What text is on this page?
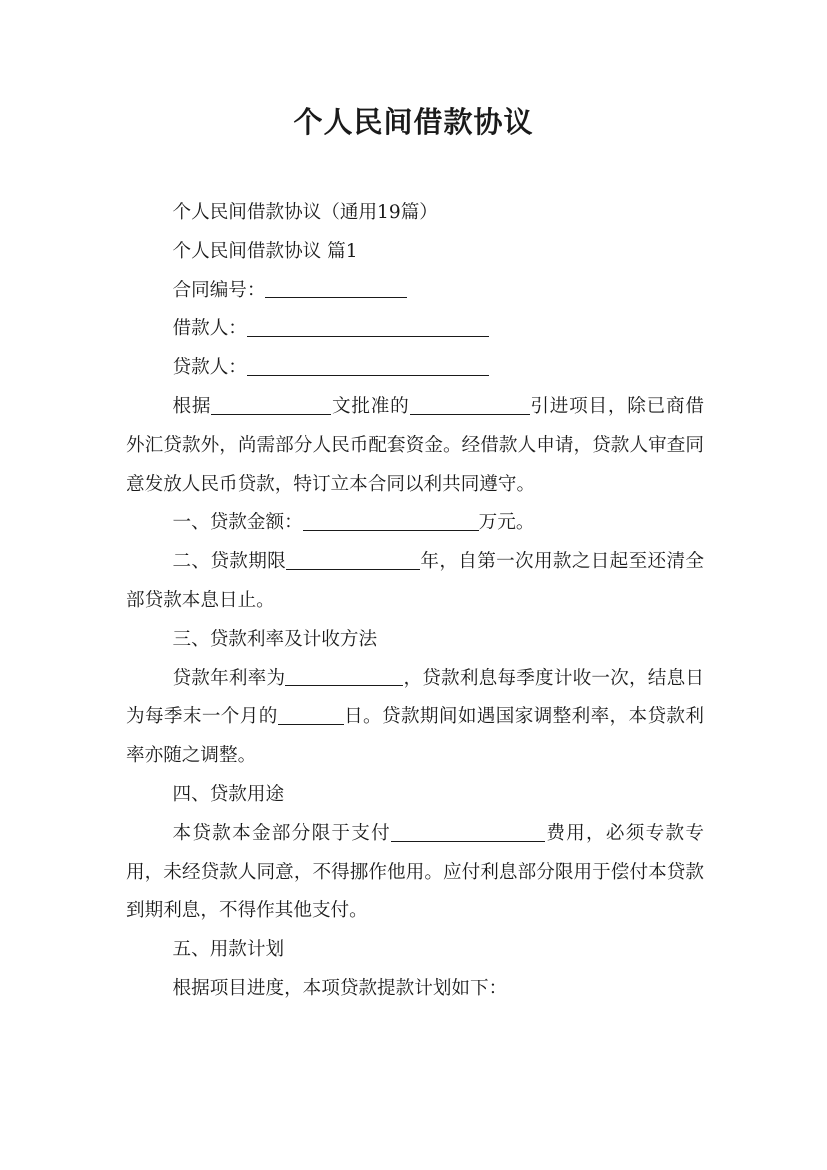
个人民间借款协议

个人民间借款协议（通用19篇）

个人民间借款协议 篇1

合同编号：

借款人：

贷款人：

根据	文批准的	引进项目，除已商借外汇贷款外，尚需部分人民币配套资金。经借款人申请，贷款人审查同意发放人民币贷款，特订立本合同以利共同遵守。

一、贷款金额：	万元。

二、贷款期限	年，自第一次用款之日起至还清全部贷款本息日止。

三、贷款利率及计收方法

贷款年利率为	，贷款利息每季度计收一次，结息日为每季末一个月的	日。贷款期间如遇国家调整利率，本贷款利率亦随之调整。

四、贷款用途

本贷款本金部分限于支付	费用，必须专款专用，未经贷款人同意，不得挪作他用。应付利息部分限用于偿付本贷款到期利息，不得作其他支付。

五、用款计划

根据项目进度，本项贷款提款计划如下：
